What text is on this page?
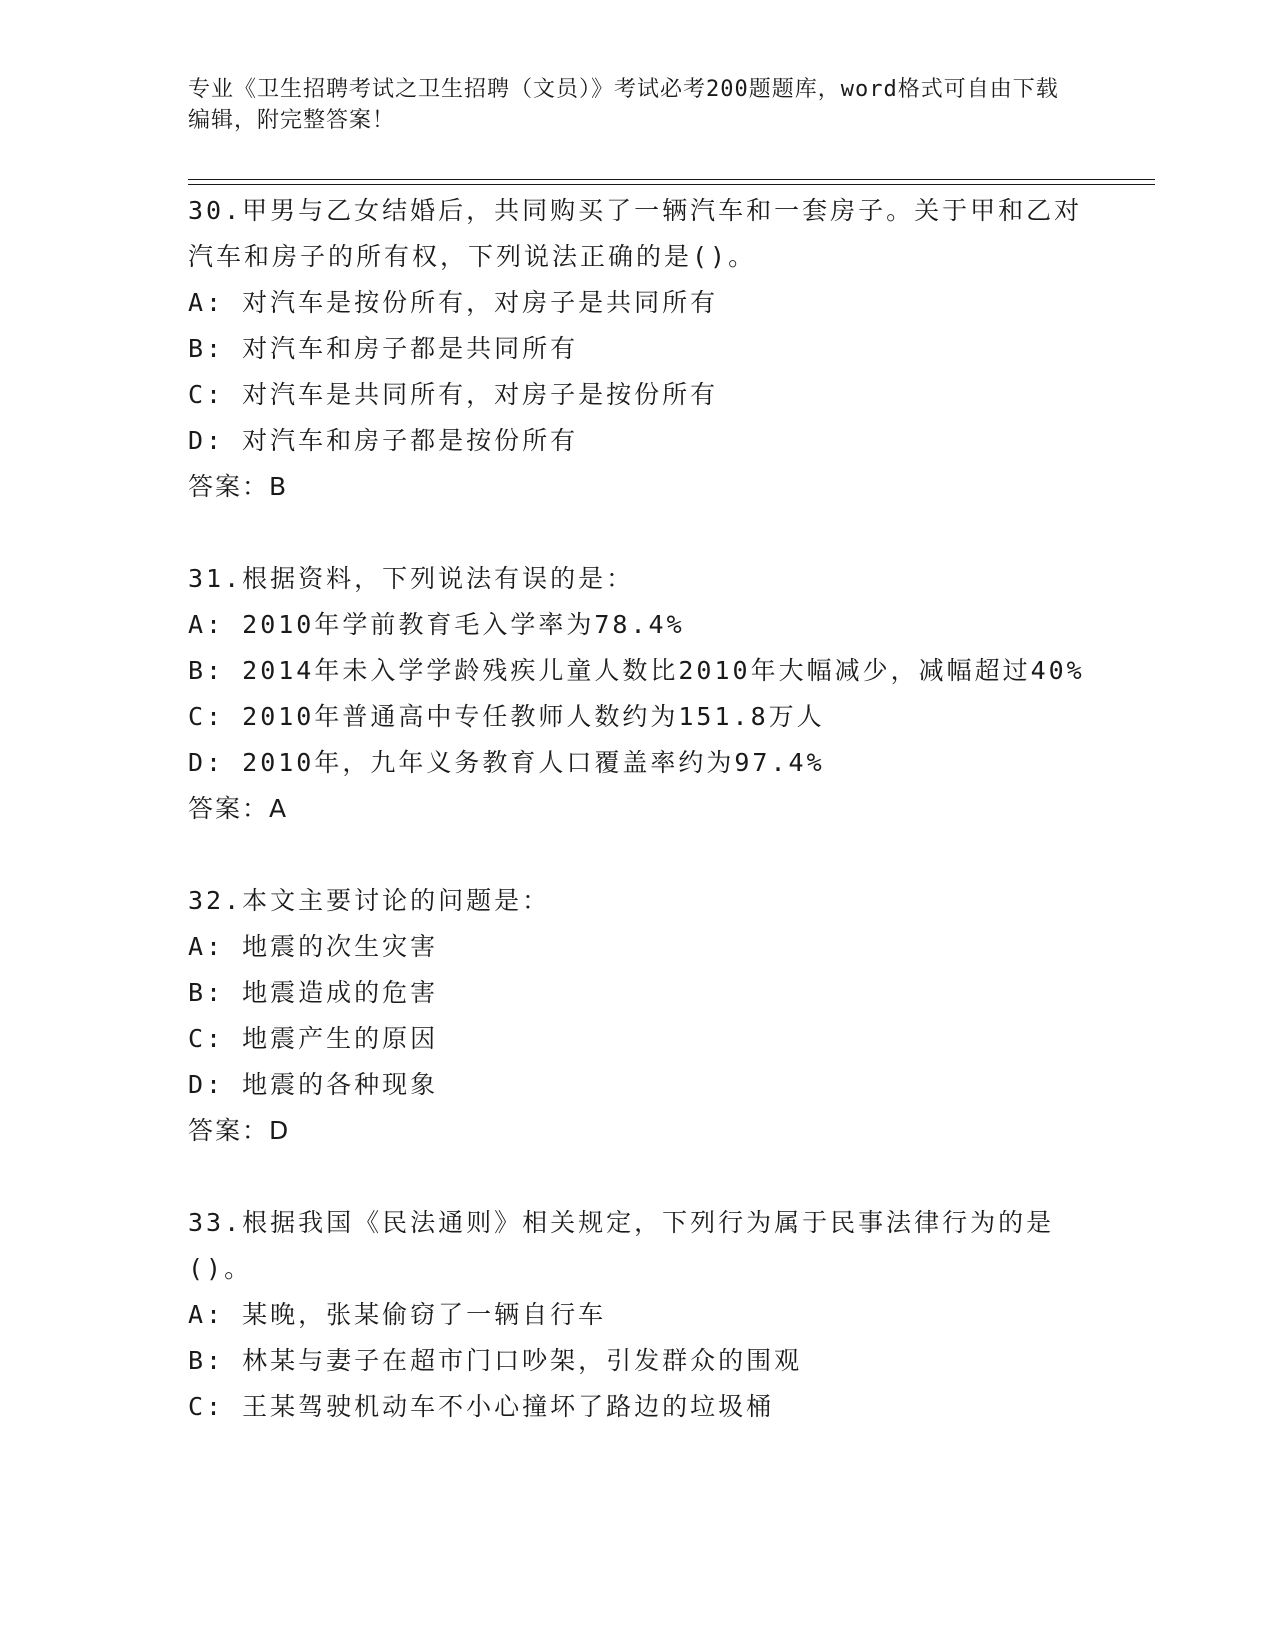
专业《卫生招聘考试之卫生招聘（文员）》考试必考200题题库，word格式可自由下载编辑，附完整答案！
30.甲男与乙女结婚后，共同购买了一辆汽车和一套房子。关于甲和乙对汽车和房子的所有权，下列说法正确的是()。
A: 对汽车是按份所有，对房子是共同所有
B: 对汽车和房子都是共同所有
C: 对汽车是共同所有，对房子是按份所有
D: 对汽车和房子都是按份所有
答案：B
31.根据资料，下列说法有误的是：
A: 2010年学前教育毛入学率为78.4%
B: 2014年未入学学龄残疾儿童人数比2010年大幅减少，减幅超过40%
C: 2010年普通高中专任教师人数约为151.8万人
D: 2010年，九年义务教育人口覆盖率约为97.4%
答案：A
32.本文主要讨论的问题是：
A: 地震的次生灾害
B: 地震造成的危害
C: 地震产生的原因
D: 地震的各种现象
答案：D
33.根据我国《民法通则》相关规定，下列行为属于民事法律行为的是()。
A: 某晚，张某偷窃了一辆自行车
B: 林某与妻子在超市门口吵架，引发群众的围观
C: 王某驾驶机动车不小心撞坏了路边的垃圾桶
